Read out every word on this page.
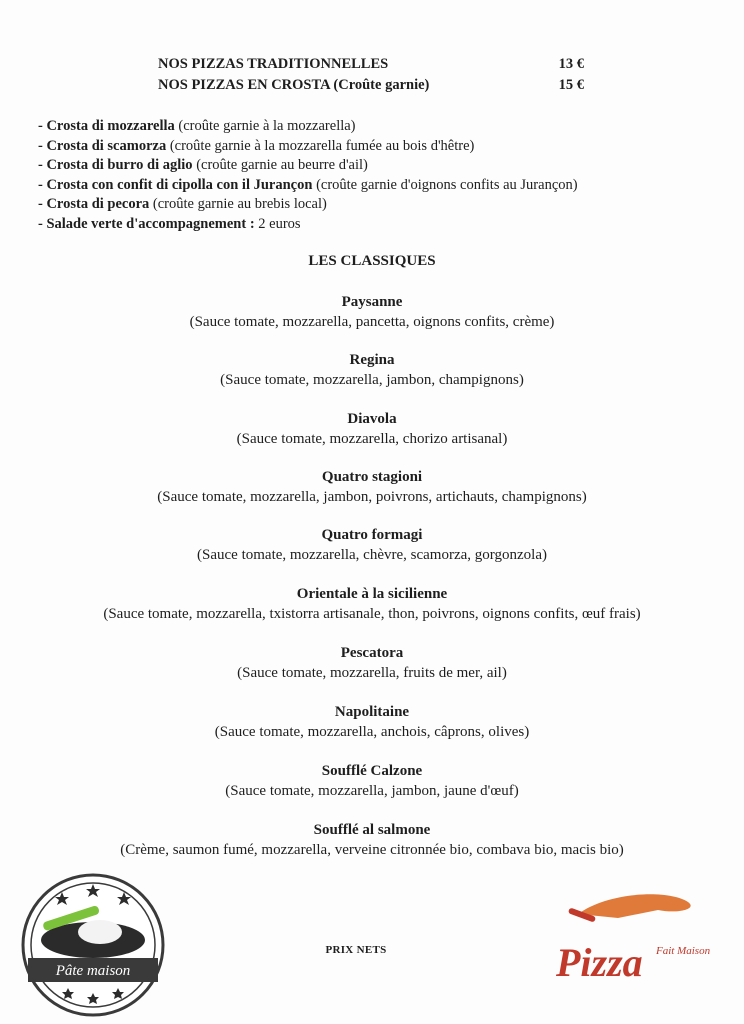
NOS PIZZAS TRADITIONNELLES	13 €
NOS PIZZAS EN CROSTA (Croûte garnie)	15 €
- Crosta di mozzarella (croûte garnie à la mozzarella)
- Crosta di scamorza (croûte garnie à la mozzarella fumée au bois d'hêtre)
- Crosta di burro di aglio (croûte garnie au beurre d'ail)
- Crosta con confit di cipolla con il Jurançon (croûte garnie d'oignons confits au Jurançon)
- Crosta di pecora (croûte garnie au brebis local)
- Salade verte d'accompagnement : 2 euros
LES CLASSIQUES
Paysanne
(Sauce tomate, mozzarella, pancetta, oignons confits, crème)
Regina
(Sauce tomate, mozzarella, jambon, champignons)
Diavola
(Sauce tomate, mozzarella, chorizo artisanal)
Quatro stagioni
(Sauce tomate, mozzarella, jambon, poivrons, artichauts, champignons)
Quatro formagi
(Sauce tomate, mozzarella, chèvre, scamorza, gorgonzola)
Orientale à la sicilienne
(Sauce tomate, mozzarella, txistorra artisanale, thon, poivrons, oignons confits, œuf frais)
Pescatora
(Sauce tomate, mozzarella, fruits de mer, ail)
Napolitaine
(Sauce tomate, mozzarella, anchois, câprons, olives)
Soufflé Calzone
(Sauce tomate, mozzarella, jambon, jaune d'œuf)
Soufflé al salmone
(Crème, saumon fumé, mozzarella, verveine citronnée bio, combava bio, macis bio)
PRIX NETS
Pâte maison
Fait Maison
Pizza
